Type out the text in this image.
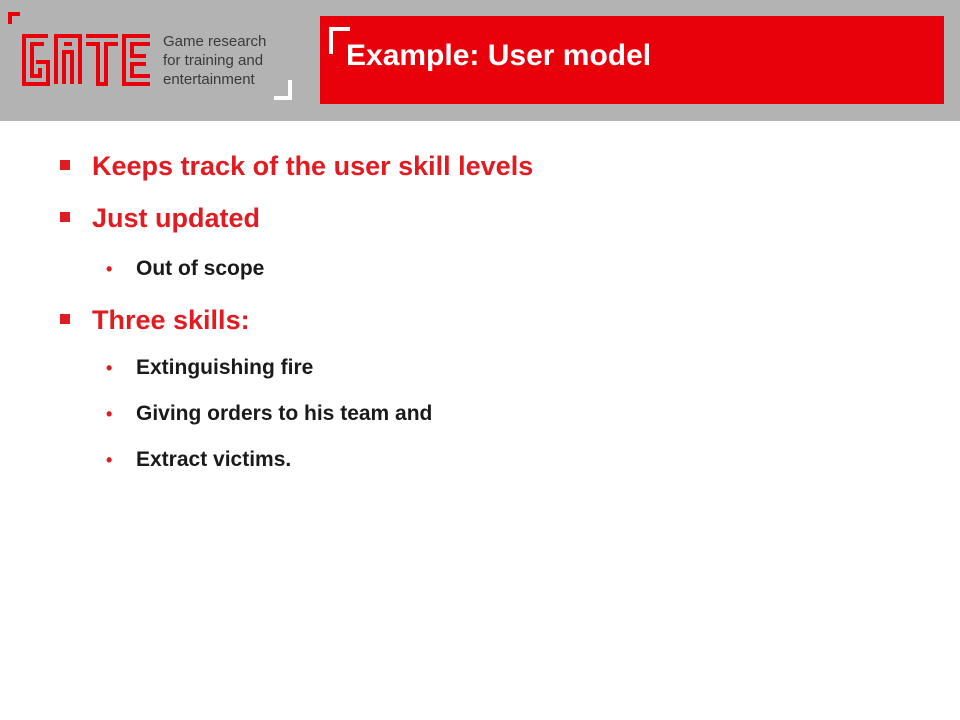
Game research
for training and
entertainment
Example: User model
Keeps track of the user skill levels
Just updated
• Out of scope
Three skills:
• Extinguishing fire
• Giving orders to his team and
• Extract victims.
